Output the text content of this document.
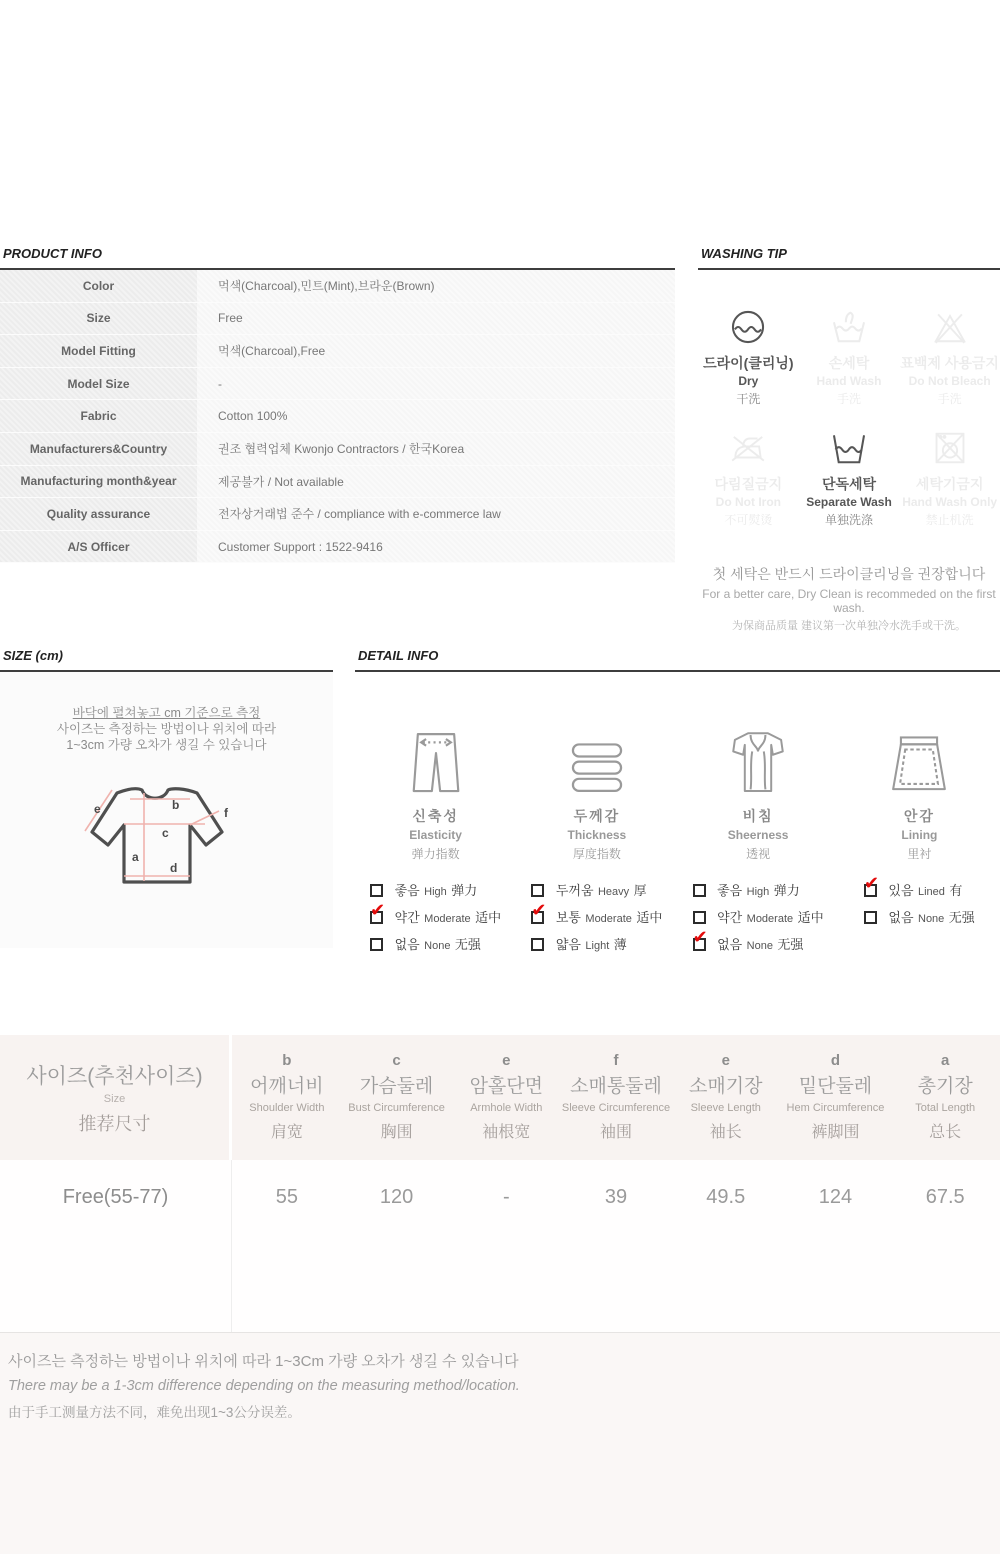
PRODUCT INFO
Color	먹색(Charcoal),민트(Mint),브라운(Brown)
Size	Free
Model Fitting	먹색(Charcoal),Free
Model Size	-
Fabric	Cotton 100%
Manufacturers&Country	권조 협력업체 Kwonjo Contractors / 한국Korea
Manufacturing month&year	제공불가 / Not available
Quality assurance	전자상거래법 준수 / compliance with e-commerce law
A/S Officer	Customer Support : 1522-9416
WASHING TIP
드라이(클리닝)
Dry
干洗
손세탁
Hand Wash
手洗
표백제 사용금지
Do Not Bleach
手洗
다림질금지
Do Not Iron
不可熨烫
단독세탁
Separate Wash
单独洗涤
세탁기금지
Hand Wash Only
禁止机洗
첫 세탁은 반드시 드라이클리닝을 권장합니다
For a better care, Dry Clean is recommeded on the first wash.
为保商品质量 建议第一次单独冷水洗手或干洗。
SIZE (cm)
바닥에 펼쳐놓고 cm 기준으로 측정
사이즈는 측정하는 방법이나 위치에 따라
1~3cm 가량 오차가 생길 수 있습니다
e	b
c
a
d
f
DETAIL INFO
신축성
Elasticity
弹力指数
좋음 High 弹力
✔ 약간 Moderate 适中
없음 None 无强
두께감
Thickness
厚度指数
두꺼움 Heavy 厚
✔ 보통 Moderate 适中
얇음 Light 薄
비침
Sheerness
透视
좋음 High 弹力
약간 Moderate 适中
✔ 없음 None 无强
안감
Lining
里衬
✔ 있음 Lined 有
없음 None 无强
사이즈(추천사이즈)
Size
推荐尺寸
b
어깨너비
Shoulder Width
肩宽
c
가슴둘레
Bust Circumference
胸围
e
암홀단면
Armhole Width
袖根宽
f
소매통둘레
Sleeve Circumference
袖围
e
소매기장
Sleeve Length
袖长
d
밑단둘레
Hem Circumference
裤脚围
a
총기장
Total Length
总长
Free(55-77)	55	120	-	39	49.5	124	67.5
사이즈는 측정하는 방법이나 위치에 따라 1~3Cm 가량 오차가 생길 수 있습니다
There may be a 1-3cm difference depending on the measuring method/location.
由于手工测量方法不同，难免出现1~3公分误差。
